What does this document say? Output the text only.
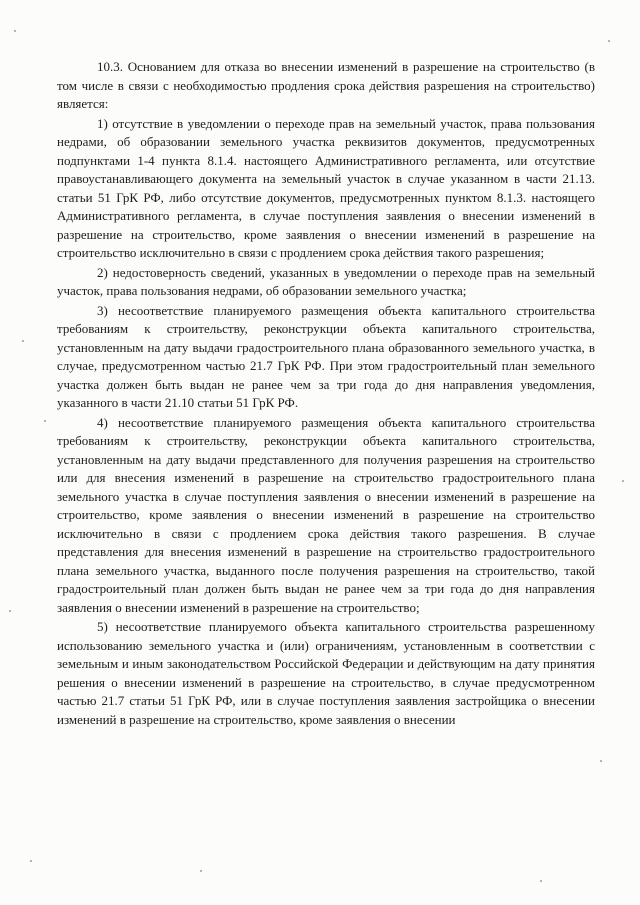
10.3. Основанием для отказа во внесении изменений в разрешение на строительство (в том числе в связи с необходимостью продления срока действия разрешения на строительство) является:

1) отсутствие в уведомлении о переходе прав на земельный участок, права пользования недрами, об образовании земельного участка реквизитов документов, предусмотренных подпунктами 1-4 пункта 8.1.4. настоящего Административного регламента, или отсутствие правоустанавливающего документа на земельный участок в случае указанном в части 21.13. статьи 51 ГрК РФ, либо отсутствие документов, предусмотренных пунктом 8.1.3. настоящего Административного регламента, в случае поступления заявления о внесении изменений в разрешение на строительство, кроме заявления о внесении изменений в разрешение на строительство исключительно в связи с продлением срока действия такого разрешения;

2) недостоверность сведений, указанных в уведомлении о переходе прав на земельный участок, права пользования недрами, об образовании земельного участка;

3) несоответствие планируемого размещения объекта капитального строительства требованиям к строительству, реконструкции объекта капитального строительства, установленным на дату выдачи градостроительного плана образованного земельного участка, в случае, предусмотренном частью 21.7 ГрК РФ. При этом градостроительный план земельного участка должен быть выдан не ранее чем за три года до дня направления уведомления, указанного в части 21.10 статьи 51 ГрК РФ.

4) несоответствие планируемого размещения объекта капитального строительства требованиям к строительству, реконструкции объекта капитального строительства, установленным на дату выдачи представленного для получения разрешения на строительство или для внесения изменений в разрешение на строительство градостроительного плана земельного участка в случае поступления заявления о внесении изменений в разрешение на строительство, кроме заявления о внесении изменений в разрешение на строительство исключительно в связи с продлением срока действия такого разрешения. В случае представления для внесения изменений в разрешение на строительство градостроительного плана земельного участка, выданного после получения разрешения на строительство, такой градостроительный план должен быть выдан не ранее чем за три года до дня направления заявления о внесении изменений в разрешение на строительство;

5) несоответствие планируемого объекта капитального строительства разрешенному использованию земельного участка и (или) ограничениям, установленным в соответствии с земельным и иным законодательством Российской Федерации и действующим на дату принятия решения о внесении изменений в разрешение на строительство, в случае предусмотренном частью 21.7 статьи 51 ГрК РФ, или в случае поступления заявления застройщика о внесении изменений в разрешение на строительство, кроме заявления о внесении
